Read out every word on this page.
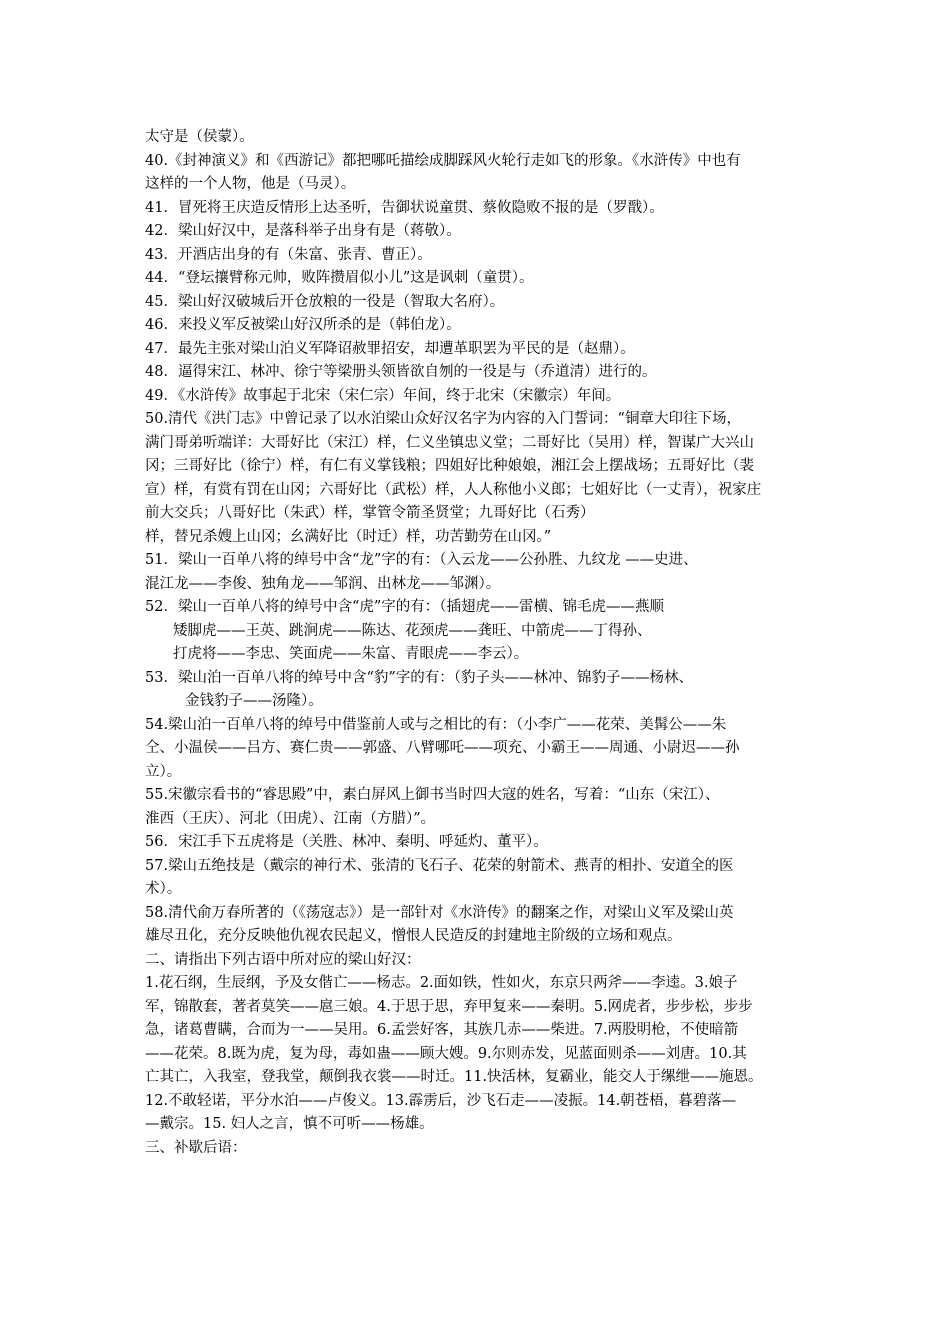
太守是（侯蒙）。
40.《封神演义》和《西游记》都把哪吒描绘成脚踩风火轮行走如飞的形象。《水浒传》中也有
这样的一个人物，他是（马灵）。
41．冒死将王庆造反情形上达圣听，告御状说童贯、蔡攸隐败不报的是（罗戬）。
42．梁山好汉中，是落科举子出身有是（蒋敬）。
43．开酒店出身的有（朱富、张青、曹正）。
44．“登坛攘臂称元帅，败阵攒眉似小儿”这是讽刺（童贯）。
45．梁山好汉破城后开仓放粮的一役是（智取大名府）。
46．来投义军反被梁山好汉所杀的是（韩伯龙）。
47．最先主张对梁山泊义军降诏赦罪招安，却遭革职罢为平民的是（赵鼎）。
48．逼得宋江、林冲、徐宁等梁册头领皆欲自刎的一役是与（乔道清）进行的。
49．《水浒传》故事起于北宋（宋仁宗）年间，终于北宋（宋徽宗）年间。
50.清代《洪门志》中曾记录了以水泊梁山众好汉名字为内容的入门誓词：“铜章大印往下场，
满门哥弟听端详：大哥好比（宋江）样，仁义坐镇忠义堂；二哥好比（吴用）样，智谋广大兴山
冈；三哥好比（徐宁）样，有仁有义掌钱粮；四姐好比种娘娘，湘江会上摆战场；五哥好比（裴
宣）样，有赏有罚在山冈；六哥好比（武松）样，人人称他小义郎；七姐好比（一丈青），祝家庄
前大交兵；八哥好比（朱武）样，掌管令箭圣贤堂；九哥好比（石秀）
样，替兄杀嫂上山冈；幺满好比（时迁）样，功苦勤劳在山冈。”
51．梁山一百单八将的绰号中含“龙”字的有：（入云龙——公孙胜、九纹龙 ——史进、
混江龙——李俊、独角龙——邹润、出林龙——邹渊）。
52．梁山一百单八将的绰号中含“虎”字的有：（插翅虎——雷横、锦毛虎——燕顺
矮脚虎——王英、跳涧虎——陈达、花颈虎——龚旺、中箭虎——丁得孙、
打虎将——李忠、笑面虎——朱富、青眼虎——李云）。
53．梁山泊一百单八将的绰号中含“豹”字的有：（豹子头——林冲、锦豹子——杨林、
金钱豹子——汤隆）。
54.梁山泊一百单八将的绰号中借鉴前人或与之相比的有：（小李广——花荣、美髯公——朱
仝、小温侯——吕方、赛仁贵——郭盛、八臂哪吒——项充、小霸王——周通、小尉迟——孙
立）。
55.宋徽宗看书的“睿思殿”中，素白屏风上御书当时四大寇的姓名，写着：“山东（宋江）、
淮西（王庆）、河北（田虎）、江南（方腊）”。
56．宋江手下五虎将是（关胜、林冲、秦明、呼延灼、董平）。
57.梁山五绝技是（戴宗的神行术、张清的飞石子、花荣的射箭术、燕青的相扑、安道全的医
术）。
58.清代俞万春所著的（《荡寇志》）是一部针对《水浒传》的翻案之作，对梁山义军及梁山英
雄尽丑化，充分反映他仇视农民起义，憎恨人民造反的封建地主阶级的立场和观点。
二、请指出下列古语中所对应的梁山好汉：
1.花石纲，生辰纲，予及女偕亡——杨志。2.面如铁，性如火，东京只两斧——李逵。3.娘子
军，锦散套，著者莫笑——扈三娘。4.于思于思，弃甲复来——秦明。5.网虎者，步步松，步步
急，诸葛曹瞒，合而为一——吴用。6.孟尝好客，其族几赤——柴进。7.两股明枪，不使暗箭
——花荣。8.既为虎，复为母，毒如蛊——顾大嫂。9.尔则赤发，见蓝面则杀——刘唐。10.其
亡其亡，入我室，登我堂，颠倒我衣裳——时迁。11.快活林，复霸业，能交人于缧绁——施恩。
12.不敢轻诺，平分水泊——卢俊义。13.霹雳后，沙飞石走——凌振。14.朝苍梧，暮碧落—
—戴宗。15. 妇人之言，慎不可听——杨雄。
三、补歇后语：
